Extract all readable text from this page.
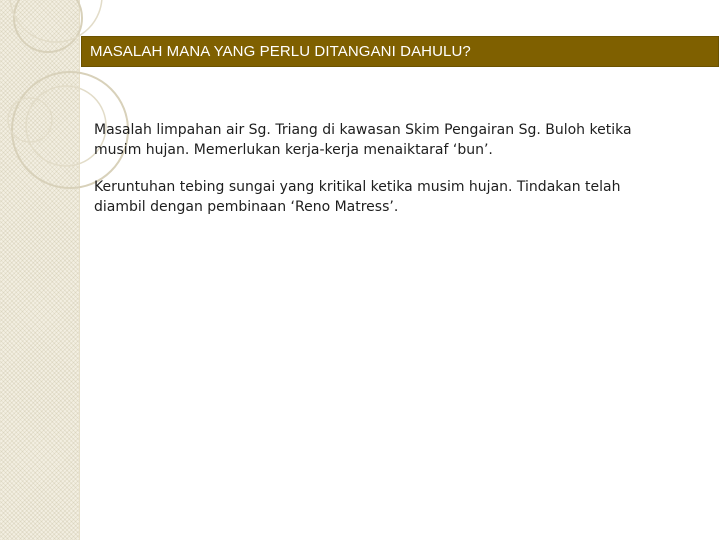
MASALAH MANA YANG PERLU DITANGANI DAHULU?

Masalah limpahan air Sg. Triang di kawasan Skim Pengairan Sg. Buloh ketika musim hujan. Memerlukan kerja-kerja menaiktaraf ‘bun’.

Keruntuhan tebing sungai yang kritikal ketika musim hujan. Tindakan telah diambil dengan pembinaan ‘Reno Matress’.
